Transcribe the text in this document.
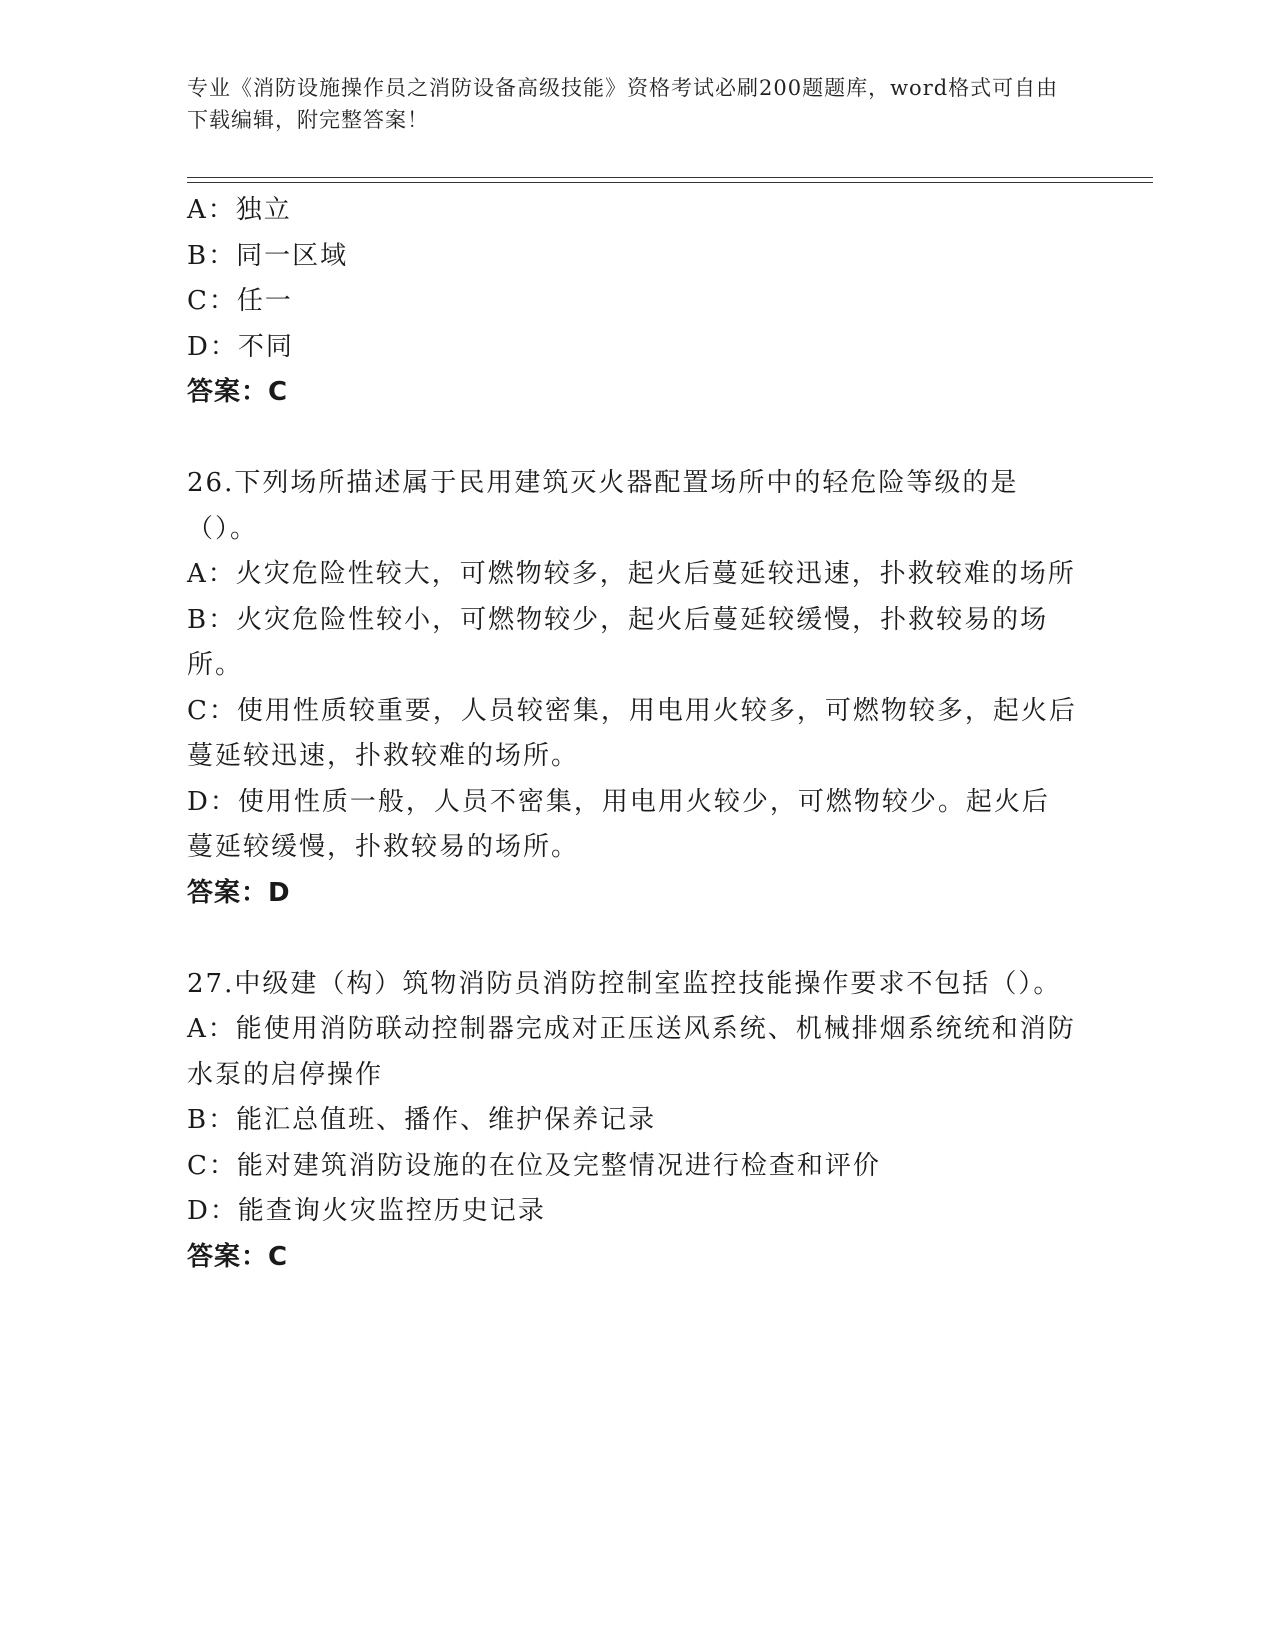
专业《消防设施操作员之消防设备高级技能》资格考试必刷200题题库，word格式可自由下载编辑，附完整答案！

A：独立

B：同一区域

C：任一

D：不同

答案：C

26.下列场所描述属于民用建筑灭火器配置场所中的轻危险等级的是（）。

A：火灾危险性较大，可燃物较多，起火后蔓延较迅速，扑救较难的场所

B：火灾危险性较小，可燃物较少，起火后蔓延较缓慢，扑救较易的场所。

C：使用性质较重要，人员较密集，用电用火较多，可燃物较多，起火后蔓延较迅速，扑救较难的场所。

D：使用性质一般，人员不密集，用电用火较少，可燃物较少。起火后蔓延较缓慢，扑救较易的场所。

答案：D

27.中级建（构）筑物消防员消防控制室监控技能操作要求不包括（）。

A：能使用消防联动控制器完成对正压送风系统、机械排烟系统统和消防水泵的启停操作

B：能汇总值班、播作、维护保养记录

C：能对建筑消防设施的在位及完整情况进行检查和评价

D：能查询火灾监控历史记录

答案：C
